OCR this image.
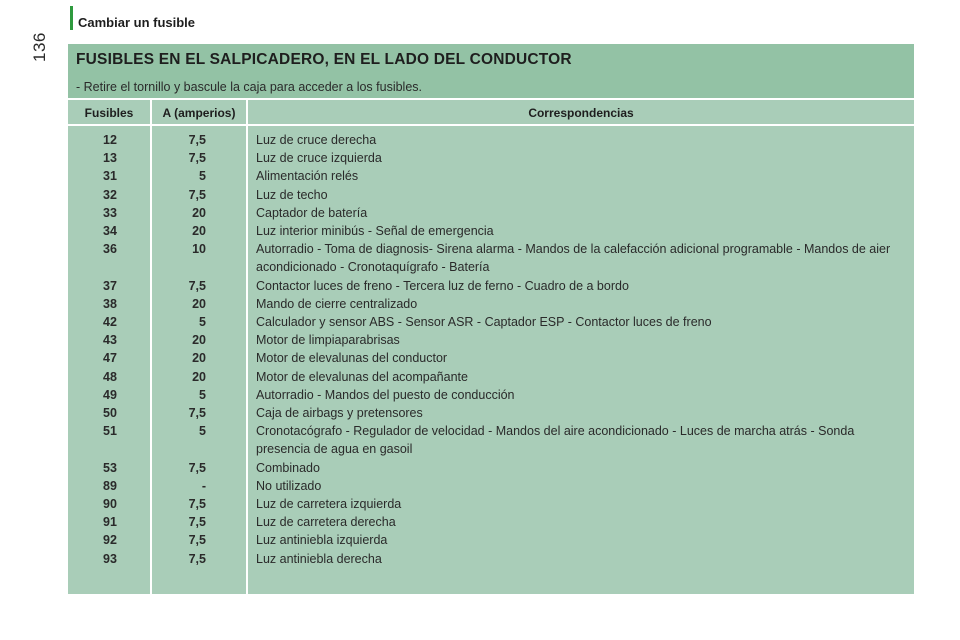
Cambiar un fusible
136 FUSIBLES EN EL SALPICADERO, EN EL LADO DEL CONDUCTOR
- Retire el tornillo y bascule la caja para acceder a los fusibles.
Fusibles	A (amperios)	Correspondencias
12	7,5	Luz de cruce derecha
13	7,5	Luz de cruce izquierda
31	5	Alimentación relés
32	7,5	Luz de techo
33	20	Captador de batería
34	20	Luz interior minibús - Señal de emergencia
36	10	Autorradio - Toma de diagnosis- Sirena alarma - Mandos de la calefacción adicional programable - Mandos de aier acondicionado - Cronotaquígrafo - Batería
37	7,5	Contactor luces de freno - Tercera luz de ferno - Cuadro de a bordo
38	20	Mando de cierre centralizado
42	5	Calculador y sensor ABS - Sensor ASR - Captador ESP - Contactor luces de freno
43	20	Motor de limpiaparabrisas
47	20	Motor de elevalunas del conductor
48	20	Motor de elevalunas del acompañante
49	5	Autorradio - Mandos del puesto de conducción
50	7,5	Caja de airbags y pretensores
51	5	Cronotacógrafo - Regulador de velocidad - Mandos del aire acondicionado - Luces de marcha atrás - Sonda presencia de agua en gasoil
53	7,5	Combinado
89	-	No utilizado
90	7,5	Luz de carretera izquierda
91	7,5	Luz de carretera derecha
92	7,5	Luz antiniebla izquierda
93	7,5	Luz antiniebla derecha
